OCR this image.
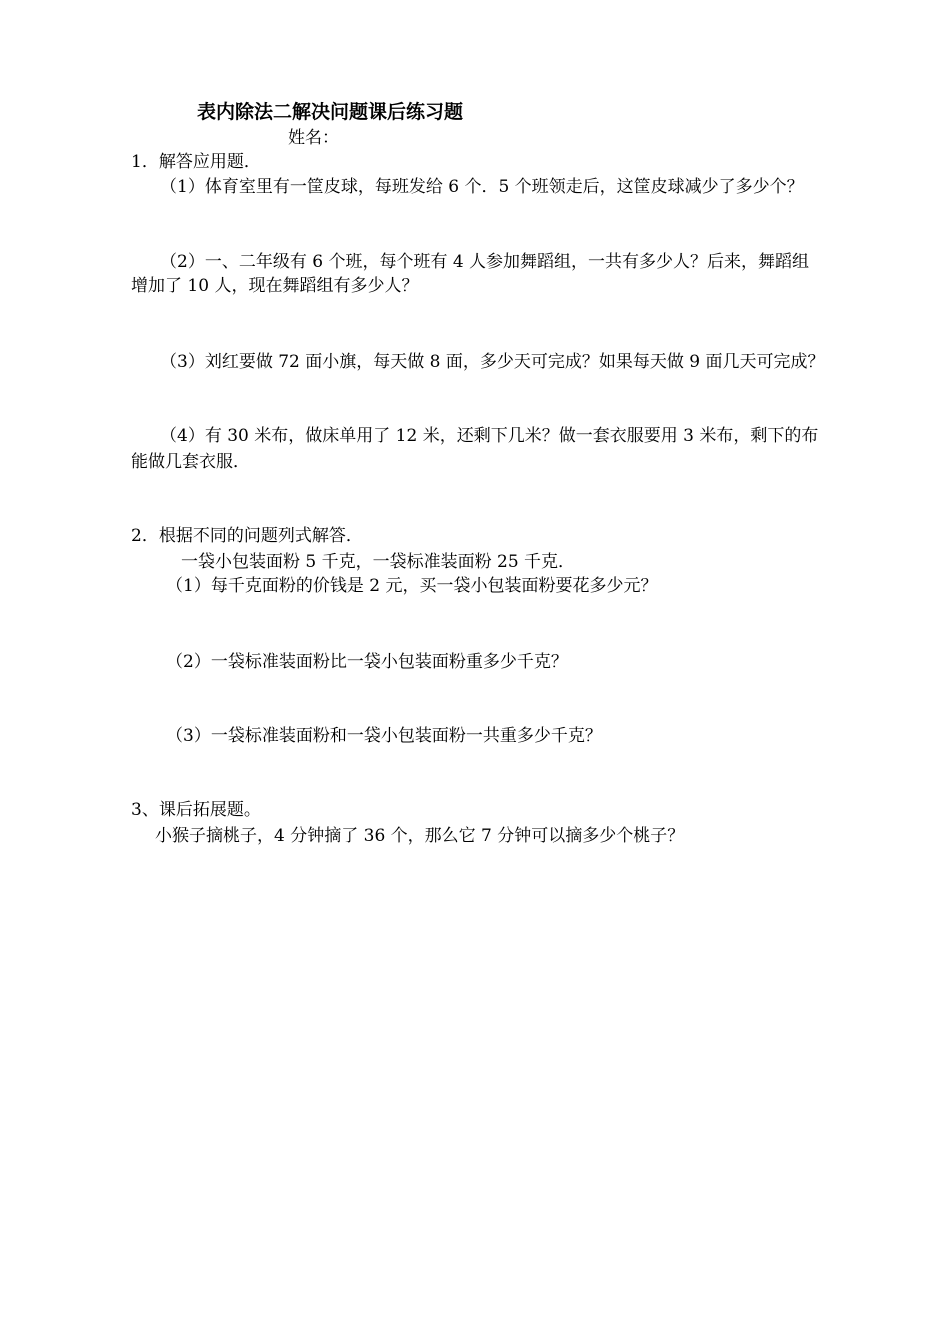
表内除法二解决问题课后练习题
姓名：
1．解答应用题．
（1）体育室里有一筐皮球，每班发给 6 个．5 个班领走后，这筐皮球减少了多少个？
（2）一、二年级有 6 个班，每个班有 4 人参加舞蹈组，一共有多少人？后来，舞蹈组
增加了 10 人，现在舞蹈组有多少人？
（3）刘红要做 72 面小旗，每天做 8 面，多少天可完成？如果每天做 9 面几天可完成？
（4）有 30 米布，做床单用了 12 米，还剩下几米？做一套衣服要用 3 米布，剩下的布
能做几套衣服．
2．根据不同的问题列式解答．
一袋小包装面粉 5 千克，一袋标准装面粉 25 千克．
（1）每千克面粉的价钱是 2 元，买一袋小包装面粉要花多少元？
（2）一袋标准装面粉比一袋小包装面粉重多少千克？
（3）一袋标准装面粉和一袋小包装面粉一共重多少千克？
3、课后拓展题。
小猴子摘桃子，4 分钟摘了 36 个，那么它 7 分钟可以摘多少个桃子？
